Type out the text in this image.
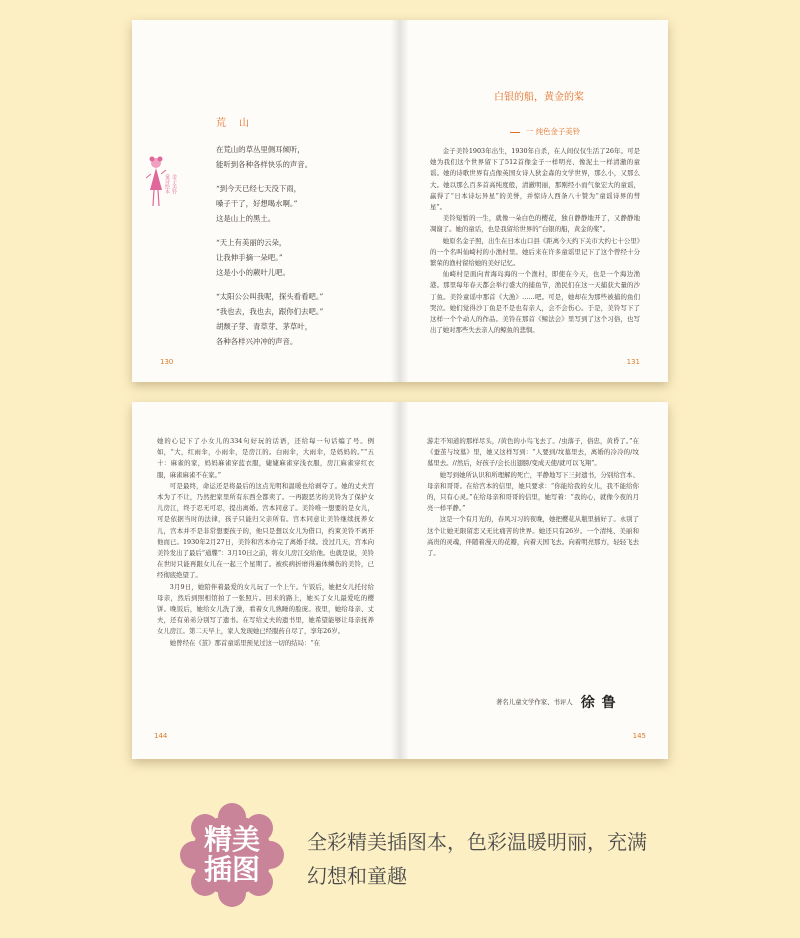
荒 山
金子美铃
童诗绘本
在荒山的草丛里侧耳倾听，
能听到各种各样快乐的声音。
“到今天已经七天没下雨，
嗓子干了，好想喝水啊。”
这是山上的黑土。
“天上有美丽的云朵，
让我伸手摘一朵吧。”
这是小小的蕨叶儿吧。
“太阳公公叫我呢，探头看看吧。”
“我也去，我也去，跟你们去吧。”
胡颓子芽、青草芽、茅草叶，
各种各样兴冲冲的声音。
130
白银的船，黄金的桨
一 纯色金子美铃

金子美铃1903年出生，1930年自杀，在人间仅仅生活了26年。可是她为我们这个世界留下了512首像金子一样明亮、像泥土一样清澈的童谣。她的诗歌世界有点像英国女诗人狄金森的文学世界，那么小，又那么大。她以那么百多首高纯度般，清澈明丽，那刚经小而气象宏大的童谣，赢得了“日本诗坛异星”的美誉，并惊诗人西条八十赞为“童谣诗界的彗星”。

美铃短暂的一生，就像一朵白色的樱花，独自静静地开了，又静静地凋谢了。她的童话，也是我留给世界的“白银的船，黄金的桨”。

她原名金子照，出生在日本山口县《距离今天约下关市大约七十公里》的一个名叫仙崎村的小渔村里。她后来在许多童谣里记下了这个曾经十分繁荣的渔村留给她的美好记忆。

仙崎村是面向青海岛海的一个渔村，即使在今天，也是一个海边渔港。那里每年春天都会举行盛大的捕鱼节，渔民们在这一天捕获大量的沙丁鱼。美铃童谣中那首《大漁》……吧。可是，她却在为那些被捕的鱼们哭泣。她们觉得沙丁鱼是不是也有亲人，会不会伤心。于是，美铃写下了这样一个个动人的作品。美铃在那首《鲸法会》里写到了这个习俗，也写出了她对那些失去亲人的鲸鱼的悲悯。

131

她的心记下了小女儿的334句好玩的话语，还给每一句话编了号。例如，“大，红雨伞，小雨伞，是房江的。白雨伞，大雨伞，是妈妈的。”“五十：麻雀的家，妈妈麻雀穿蓝衣服，婕婕麻雀穿浅衣服，房江麻雀穿红衣服，麻雀麻雀不在家。”

可是最终，命运还是将最后的这点光明和温暖也给剥夺了。她的丈夫宫本为了不让，乃然把家里所有东西全都卖了。一再跟恶劣的美铃为了保护女儿房江，终于忍无可忍，提出离婚。宫本同意了。美铃唯一想要的是女儿，可是依据当时的法律，孩子只能归父亲所有。宫本同意让美铃继续抚养女儿，宫本并不是非常想要孩子的，他只是想以女儿为借口，约束美铃不离开他而已。1930年2月27日，美铃和宫本办完了离婚手续。没过几天，宫本向美铃发出了最后“通牒”：3月10日之前，将女儿房江交给他。也就是说，美铃在世时只能再跟女儿在一起三个星期了。被疾病折磨得遍体鳞伤的美铃，已经彻底绝望了。

3月9日，她陪伴着最爱的女儿玩了一个上午。午饭后，她把女儿托付给母亲，然后到照相馆拍了一张照片。回来的路上，她买了女儿最爱吃的樱饼。晚饭后，她给女儿洗了澡，看着女儿熟睡的脸庞。夜里，她给母亲、丈夫，还有弟弟分别写了遗书。在写给丈夫的遗书里，她希望能够让母亲抚养女儿房江。第二天早上，家人发现她已经服药自尽了，享年26岁。

她曾经在《茧》那首童谣里预见过这一切的结局：“在

144

游走不知道的那样尽头，/黄色的小鸟飞去了。/虫落子，俗忠，黄昏了。”在《蚕茧与坟墓》里，她又这样写到：“人要到/坟墓里去，离婚的冷冷的/坟墓里去。//然后，好孩子/会长出翅膀/变成天使/就可以飞翔”。

她写到她所认识和所理解的死亡，平静地写下三封遗书，分别给宫本、母亲和哥哥。在给宫本的信里，她只要求：“你能给我的女儿，我不能给你的，只有心灵。”在给母亲和哥哥的信里，她写着：“我的心，就像今夜的月亮一样平静。”

这是一个有月光的，春风习习的夜晚，她把樱花从瓶里插好了。永别了这个让她无限留恋又无比痛苦的世界。她还只有26岁。一个清纯、美丽和高贵的灵魂，伴随着漫天的花瓣，向着天国飞去。向着明亮那方，轻轻飞去了。

著名儿童文学作家、书评人 徐 鲁
145
精美
插图
全彩精美插图本，色彩温暖明丽，充满幻想和童趣
